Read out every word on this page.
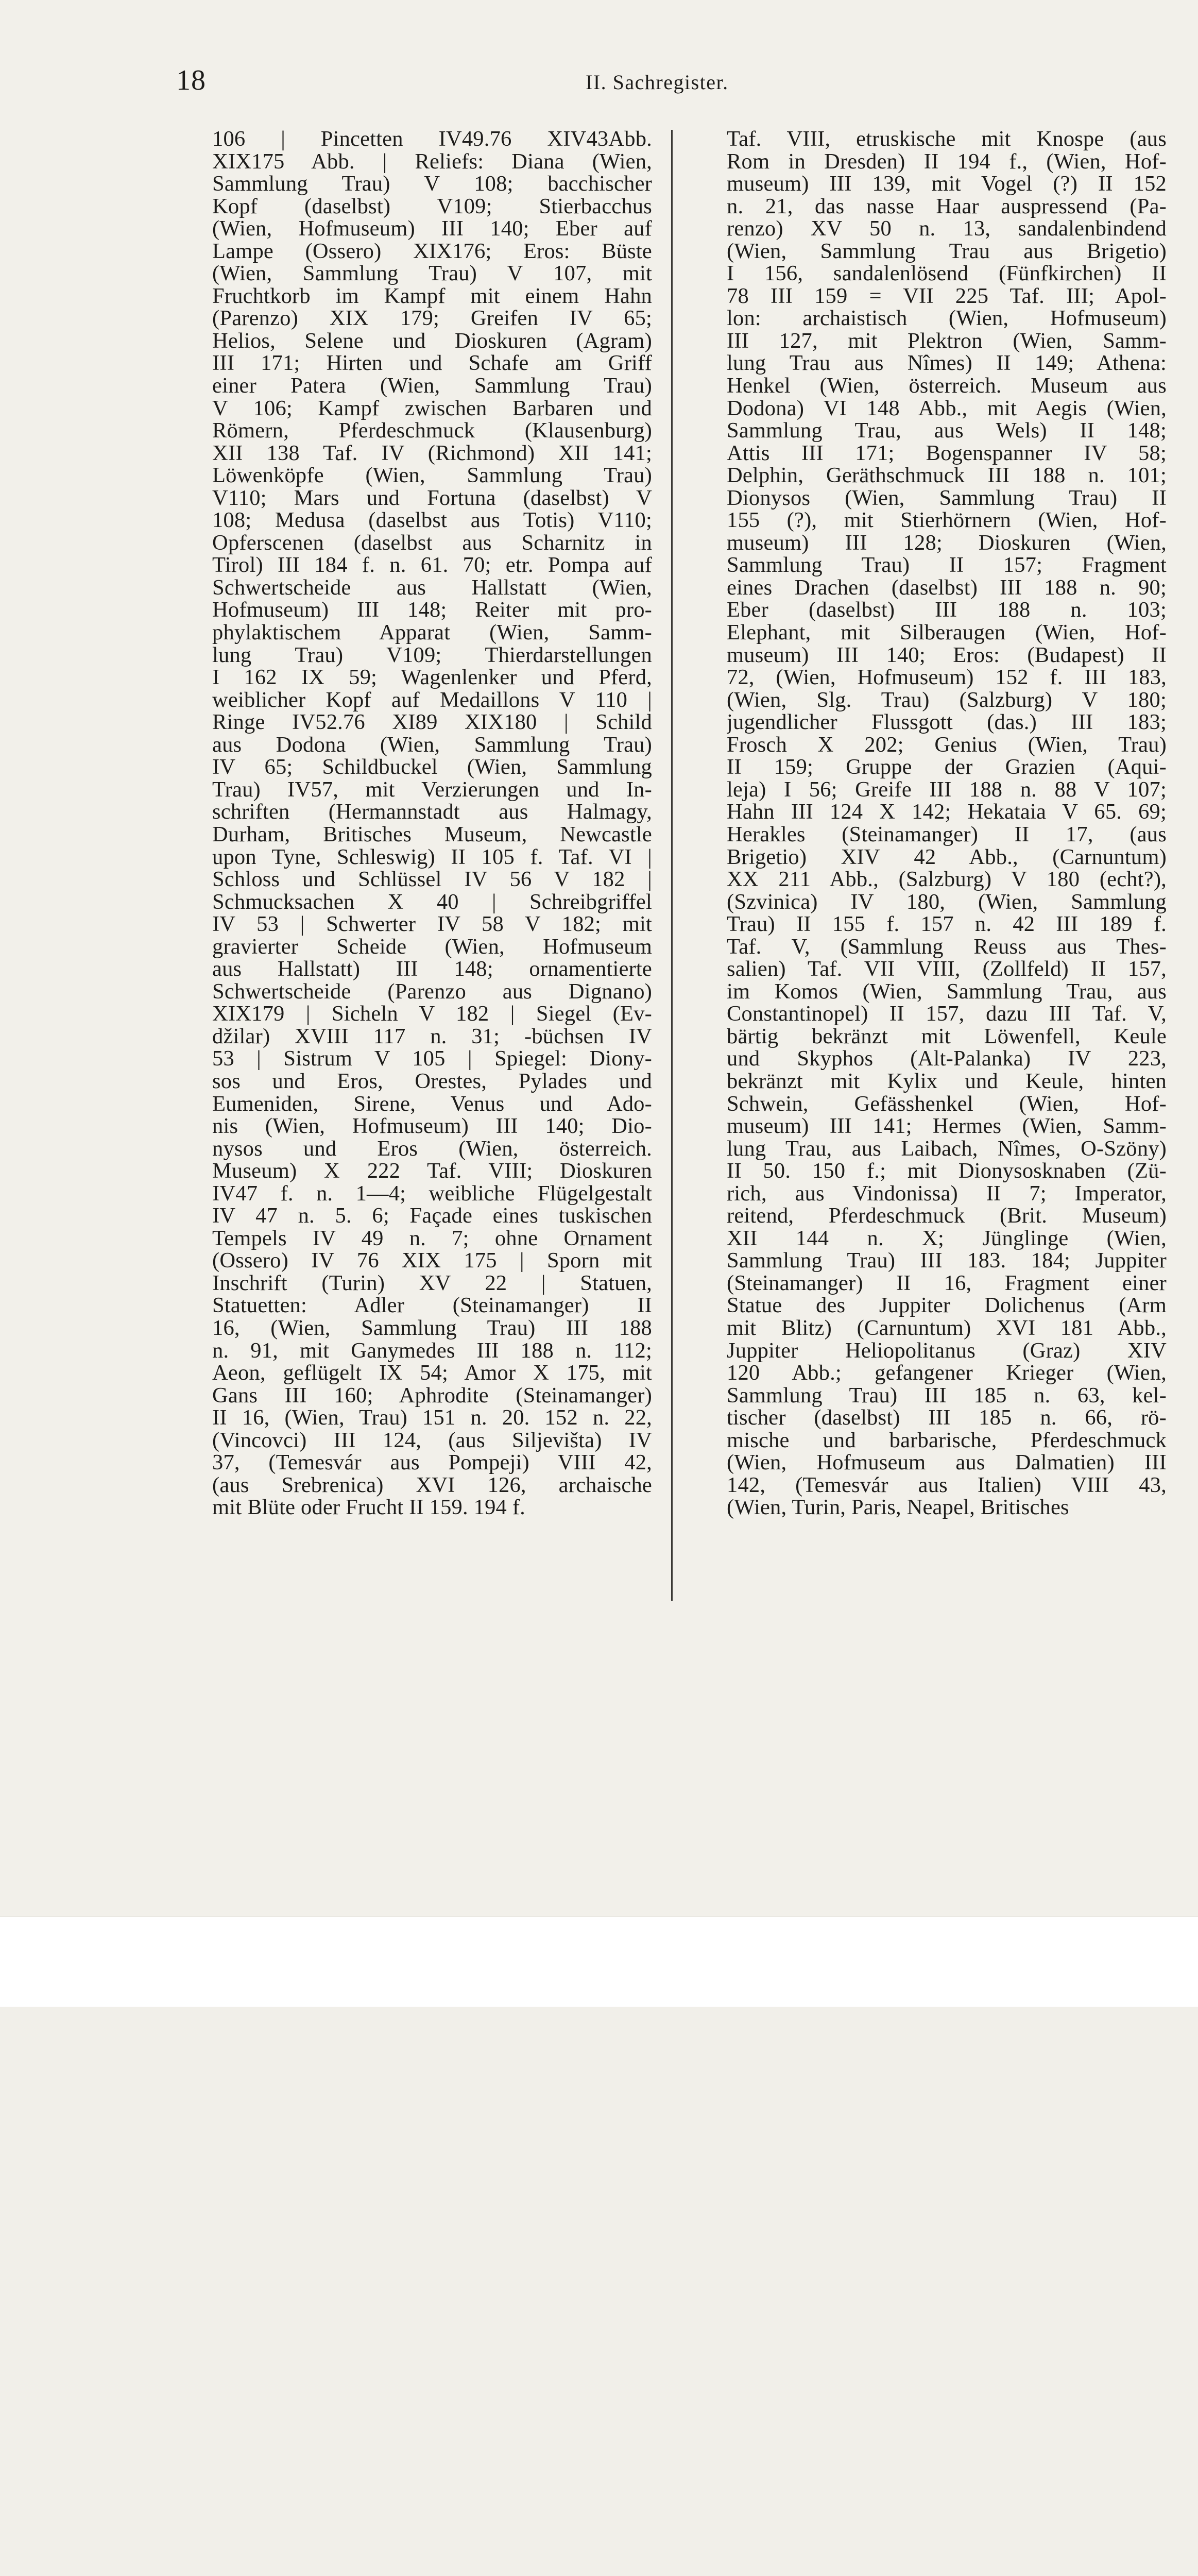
18	II. Sachregister.
106 | Pincetten IV49.76 XIV43Abb.
XIX175 Abb. | Reliefs: Diana (Wien,
Sammlung Trau) V 108; bacchischer
Kopf (daselbst) V109; Stierbacchus
(Wien, Hofmuseum) III 140; Eber auf
Lampe (Ossero) XIX176; Eros: Büste
(Wien, Sammlung Trau) V 107, mit
Fruchtkorb im Kampf mit einem Hahn
(Parenzo) XIX 179; Greifen IV 65;
Helios, Selene und Dioskuren (Agram)
III 171; Hirten und Schafe am Griff
einer Patera (Wien, Sammlung Trau)
V 106; Kampf zwischen Barbaren und
Römern, Pferdeschmuck (Klausenburg)
XII 138 Taf. IV (Richmond) XII 141;
Löwenköpfe (Wien, Sammlung Trau)
V110; Mars und Fortuna (daselbst) V
108; Medusa (daselbst aus Totis) V110;
Opferscenen (daselbst aus Scharnitz in
Tirol) III 184 f. n. 61. 70; etr. Pompa auf
Schwertscheide aus Hallstatt (Wien,
Hofmuseum) III 148; Reiter mit pro-
phylaktischem Apparat (Wien, Samm-
lung Trau) V109; Thierdarstellungen
I 162 IX 59; Wagenlenker und Pferd,
weiblicher Kopf auf Medaillons V 110 |
Ringe IV52.76 XI89 XIX180 | Schild
aus Dodona (Wien, Sammlung Trau)
IV 65; Schildbuckel (Wien, Sammlung
Trau) IV57, mit Verzierungen und In-
schriften (Hermannstadt aus Halmagy,
Durham, Britisches Museum, Newcastle
upon Tyne, Schleswig) II 105 f. Taf. VI |
Schloss und Schlüssel IV 56 V 182 |
Schmucksachen X 40 | Schreibgriffel
IV 53 | Schwerter IV 58 V 182; mit
gravierter Scheide (Wien, Hofmuseum
aus Hallstatt) III 148; ornamentierte
Schwertscheide (Parenzo aus Dignano)
XIX179 | Sicheln V 182 | Siegel (Ev-
džilar) XVIII 117 n. 31; -büchsen IV
53 | Sistrum V 105 | Spiegel: Diony-
sos und Eros, Orestes, Pylades und
Eumeniden, Sirene, Venus und Ado-
nis (Wien, Hofmuseum) III 140; Dio-
nysos und Eros (Wien, österreich.
Museum) X 222 Taf. VIII; Dioskuren
IV47 f. n. 1—4; weibliche Flügelgestalt
IV 47 n. 5. 6; Façade eines tuskischen
Tempels IV 49 n. 7; ohne Ornament
(Ossero) IV 76 XIX 175 | Sporn mit
Inschrift (Turin) XV 22 | Statuen,
Statuetten: Adler (Steinamanger) II
16, (Wien, Sammlung Trau) III 188
n. 91, mit Ganymedes III 188 n. 112;
Aeon, geflügelt IX 54; Amor X 175, mit
Gans III 160; Aphrodite (Steinamanger)
II 16, (Wien, Trau) 151 n. 20. 152 n. 22,
(Vincovci) III 124, (aus Siljevišta) IV
37, (Temesvár aus Pompeji) VIII 42,
(aus Srebrenica) XVI 126, archaische
mit Blüte oder Frucht II 159. 194 f.
Taf. VIII, etruskische mit Knospe (aus
Rom in Dresden) II 194 f., (Wien, Hof-
museum) III 139, mit Vogel (?) II 152
n. 21, das nasse Haar auspressend (Pa-
renzo) XV 50 n. 13, sandalenbindend
(Wien, Sammlung Trau aus Brigetio)
I 156, sandalenlösend (Fünfkirchen) II
78 III 159 = VII 225 Taf. III; Apol-
lon: archaistisch (Wien, Hofmuseum)
III 127, mit Plektron (Wien, Samm-
lung Trau aus Nîmes) II 149; Athena:
Henkel (Wien, österreich. Museum aus
Dodona) VI 148 Abb., mit Aegis (Wien,
Sammlung Trau, aus Wels) II 148;
Attis III 171; Bogenspanner IV 58;
Delphin, Geräthschmuck III 188 n. 101;
Dionysos (Wien, Sammlung Trau) II
155 (?), mit Stierhörnern (Wien, Hof-
museum) III 128; Dioskuren (Wien,
Sammlung Trau) II 157; Fragment
eines Drachen (daselbst) III 188 n. 90;
Eber (daselbst) III 188 n. 103;
Elephant, mit Silberaugen (Wien, Hof-
museum) III 140; Eros: (Budapest) II
72, (Wien, Hofmuseum) 152 f. III 183,
(Wien, Slg. Trau) (Salzburg) V 180;
jugendlicher Flussgott (das.) III 183;
Frosch X 202; Genius (Wien, Trau)
II 159; Gruppe der Grazien (Aqui-
leja) I 56; Greife III 188 n. 88 V 107;
Hahn III 124 X 142; Hekataia V 65. 69;
Herakles (Steinamanger) II 17, (aus
Brigetio) XIV 42 Abb., (Carnuntum)
XX 211 Abb., (Salzburg) V 180 (echt?),
(Szvinica) IV 180, (Wien, Sammlung
Trau) II 155 f. 157 n. 42 III 189 f.
Taf. V, (Sammlung Reuss aus Thes-
salien) Taf. VII VIII, (Zollfeld) II 157,
im Komos (Wien, Sammlung Trau, aus
Constantinopel) II 157, dazu III Taf. V,
bärtig bekränzt mit Löwenfell, Keule
und Skyphos (Alt-Palanka) IV 223,
bekränzt mit Kylix und Keule, hinten
Schwein, Gefässhenkel (Wien, Hof-
museum) III 141; Hermes (Wien, Samm-
lung Trau, aus Laibach, Nîmes, O-Szöny)
II 50. 150 f.; mit Dionysosknaben (Zü-
rich, aus Vindonissa) II 7; Imperator,
reitend, Pferdeschmuck (Brit. Museum)
XII 144 n. X; Jünglinge (Wien,
Sammlung Trau) III 183. 184; Juppiter
(Steinamanger) II 16, Fragment einer
Statue des Juppiter Dolichenus (Arm
mit Blitz) (Carnuntum) XVI 181 Abb.,
Juppiter Heliopolitanus (Graz) XIV
120 Abb.; gefangener Krieger (Wien,
Sammlung Trau) III 185 n. 63, kel-
tischer (daselbst) III 185 n. 66, rö-
mische und barbarische, Pferdeschmuck
(Wien, Hofmuseum aus Dalmatien) III
142, (Temesvár aus Italien) VIII 43,
(Wien, Turin, Paris, Neapel, Britisches
